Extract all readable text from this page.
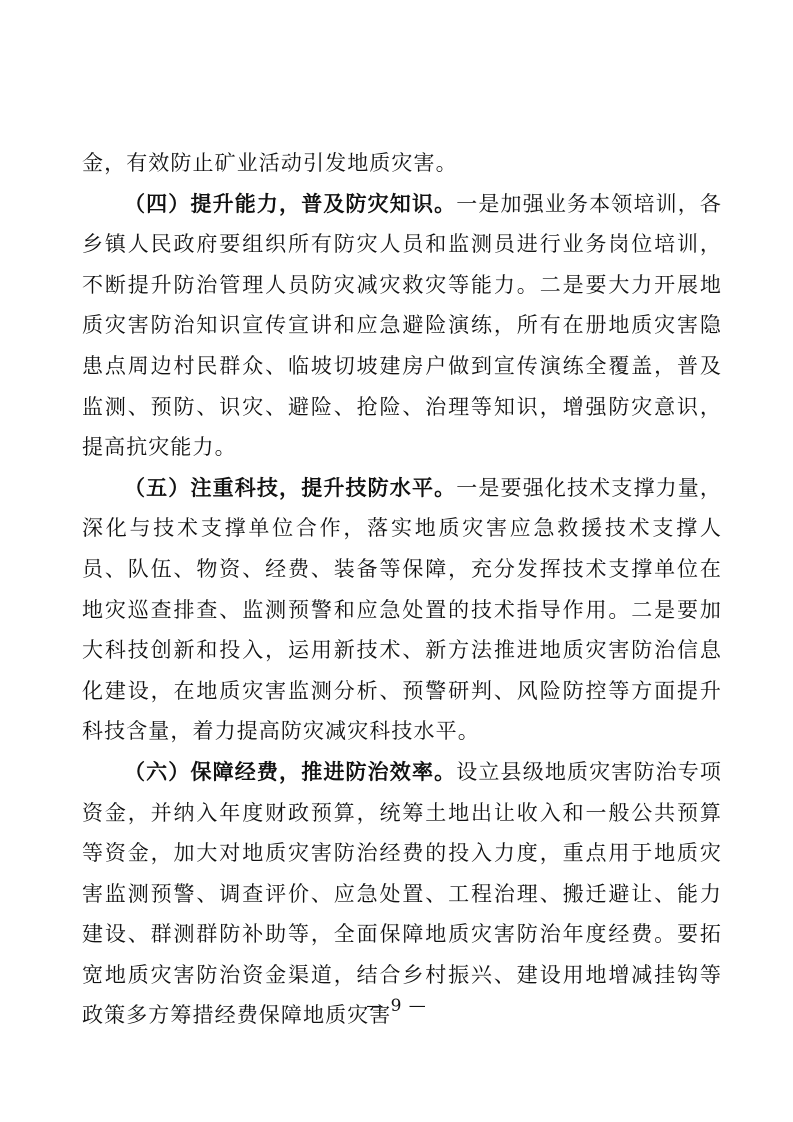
金，有效防止矿业活动引发地质灾害。

（四）提升能力，普及防灾知识。一是加强业务本领培训，各乡镇人民政府要组织所有防灾人员和监测员进行业务岗位培训，不断提升防治管理人员防灾减灾救灾等能力。二是要大力开展地质灾害防治知识宣传宣讲和应急避险演练，所有在册地质灾害隐患点周边村民群众、临坡切坡建房户做到宣传演练全覆盖，普及监测、预防、识灾、避险、抢险、治理等知识，增强防灾意识，提高抗灾能力。

（五）注重科技，提升技防水平。一是要强化技术支撑力量，深化与技术支撑单位合作，落实地质灾害应急救援技术支撑人员、队伍、物资、经费、装备等保障，充分发挥技术支撑单位在地灾巡查排查、监测预警和应急处置的技术指导作用。二是要加大科技创新和投入，运用新技术、新方法推进地质灾害防治信息化建设，在地质灾害监测分析、预警研判、风险防控等方面提升科技含量，着力提高防灾减灾科技水平。

（六）保障经费，推进防治效率。设立县级地质灾害防治专项资金，并纳入年度财政预算，统筹土地出让收入和一般公共预算等资金，加大对地质灾害防治经费的投入力度，重点用于地质灾害监测预警、调查评价、应急处置、工程治理、搬迁避让、能力建设、群测群防补助等，全面保障地质灾害防治年度经费。要拓宽地质灾害防治资金渠道，结合乡村振兴、建设用地增减挂钩等政策多方筹措经费保障地质灾害

— 9 —
